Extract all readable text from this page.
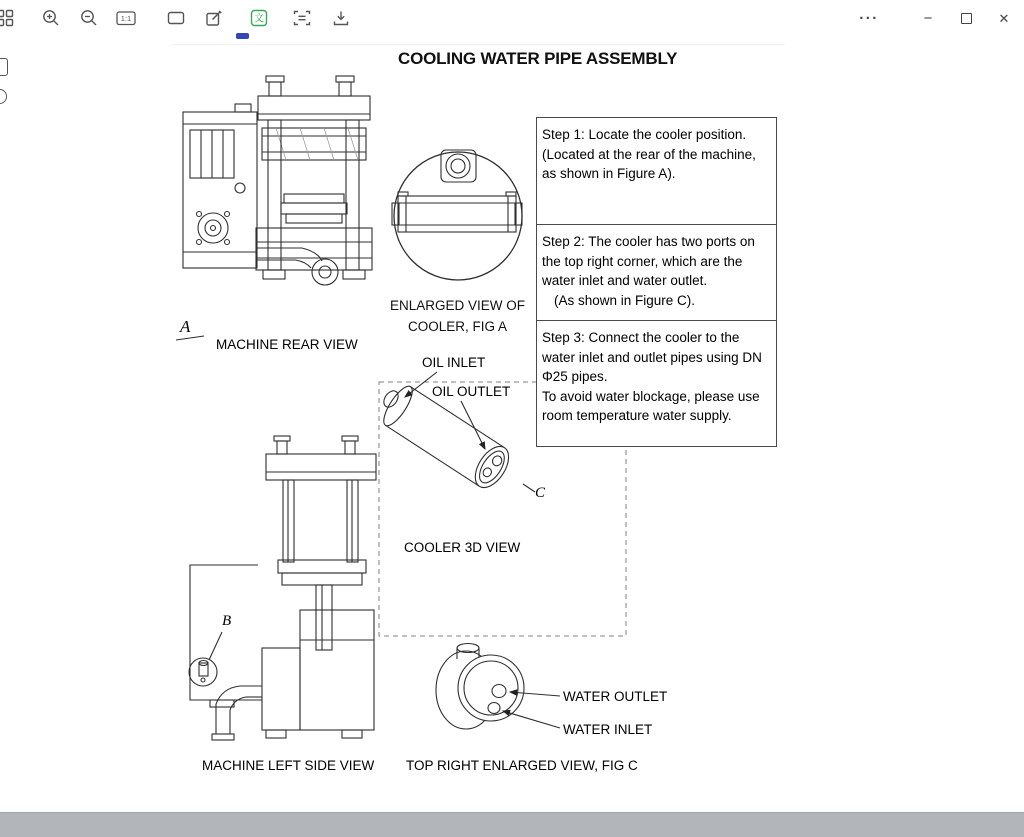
COOLING WATER PIPE ASSEMBLY
A
MACHINE REAR VIEW
ENLARGED VIEW OF
COOLER, FIG A
OIL INLET
OIL OUTLET
C
COOLER 3D VIEW
B
MACHINE LEFT SIDE VIEW TOP RIGHT ENLARGED VIEW, FIG C
WATER OUTLET
WATER INLET

Step 1: Locate the cooler position.

(Located at the rear of the machine, as shown in Figure A).

Step 2: The cooler has two ports on the top right corner, which are the water inlet and water outlet.

(As shown in Figure C).

Step 3: Connect the cooler to the water inlet and outlet pipes using DN Φ25 pipes.

To avoid water blockage, please use room temperature water supply.

1:1	文	···	−	✕
